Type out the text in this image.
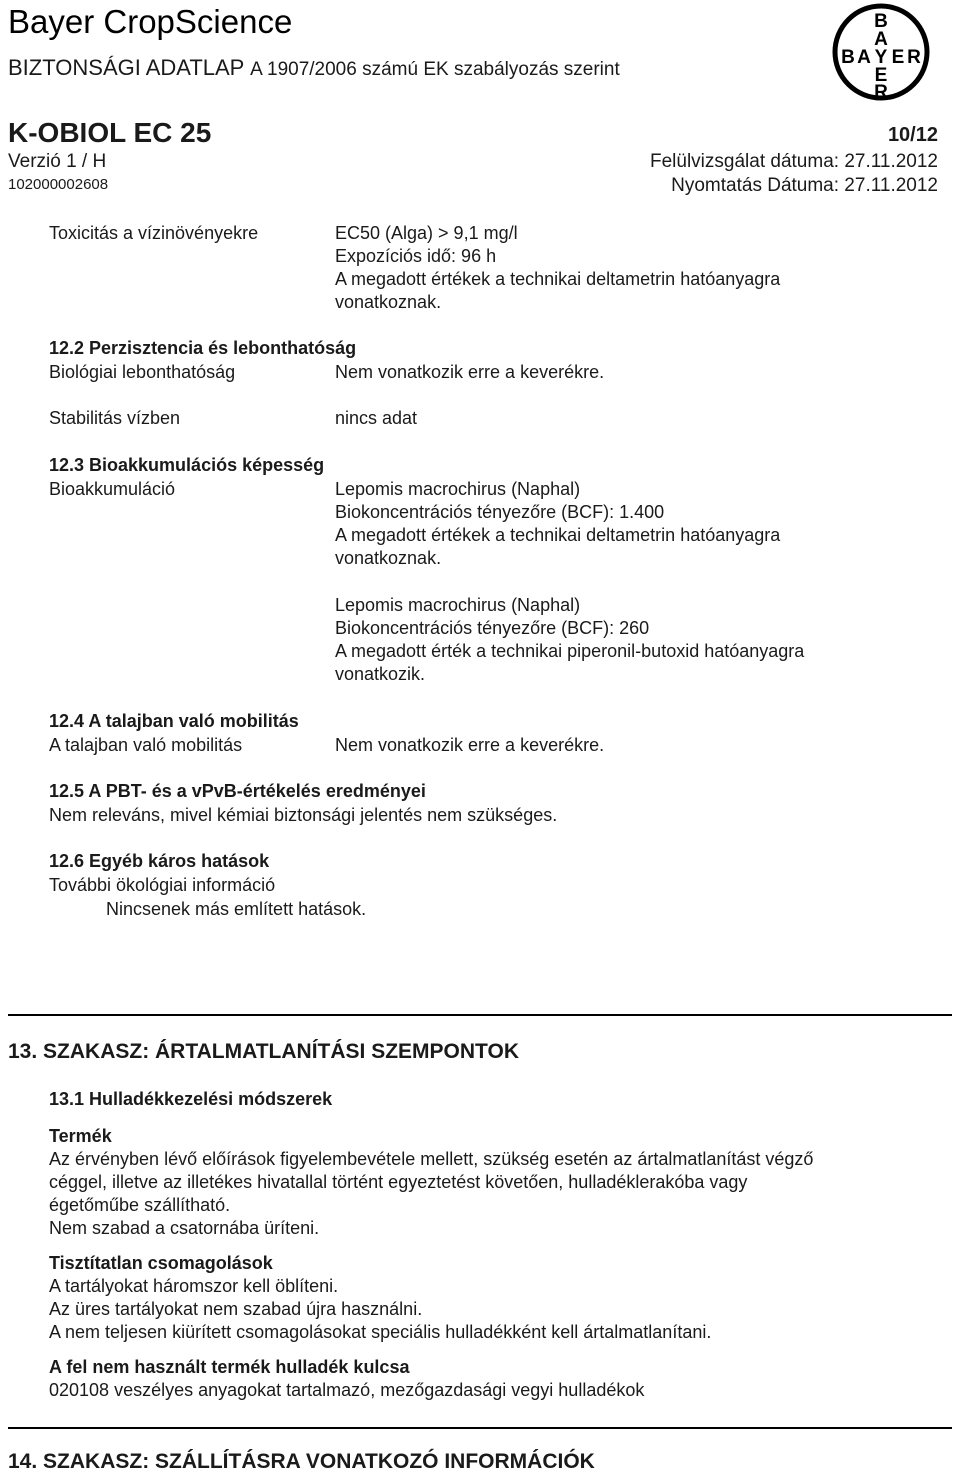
Bayer CropScience
BIZTONSÁGI ADATLAP A 1907/2006 számú EK szabályozás szerint
B
A
B A Y E R
E
R
K-OBIOL EC 25	10/12
Verzió 1 / H	Felülvizsgálat dátuma: 27.11.2012
102000002608	Nyomtatás Dátuma: 27.11.2012
Toxicitás a vízinövényekre	EC50 (Alga) > 9,1 mg/l
Expozíciós idő: 96 h
A megadott értékek a technikai deltametrin hatóanyagra
vonatkoznak.
12.2 Perzisztencia és lebonthatóság
Biológiai lebonthatóság	Nem vonatkozik erre a keverékre.
Stabilitás vízben	nincs adat
12.3 Bioakkumulációs képesség
Bioakkumuláció	Lepomis macrochirus (Naphal)
Biokoncentrációs tényezőre (BCF): 1.400
A megadott értékek a technikai deltametrin hatóanyagra
vonatkoznak.
Lepomis macrochirus (Naphal)
Biokoncentrációs tényezőre (BCF): 260
A megadott érték a technikai piperonil-butoxid hatóanyagra
vonatkozik.
12.4 A talajban való mobilitás
A talajban való mobilitás	Nem vonatkozik erre a keverékre.
12.5 A PBT- és a vPvB-értékelés eredményei
Nem releváns, mivel kémiai biztonsági jelentés nem szükséges.
12.6 Egyéb káros hatások
További ökológiai információ
Nincsenek más említett hatások.
13. SZAKASZ: ÁRTALMATLANÍTÁSI SZEMPONTOK
13.1 Hulladékkezelési módszerek
Termék
Az érvényben lévő előírások figyelembevétele mellett, szükség esetén az ártalmatlanítást végző
céggel, illetve az illetékes hivatallal történt egyeztetést követően, hulladéklerakóba vagy
égetőműbe szállítható.
Nem szabad a csatornába üríteni.
Tisztítatlan csomagolások
A tartályokat háromszor kell öblíteni.
Az üres tartályokat nem szabad újra használni.
A nem teljesen kiürített csomagolásokat speciális hulladékként kell ártalmatlanítani.
A fel nem használt termék hulladék kulcsa
020108 veszélyes anyagokat tartalmazó, mezőgazdasági vegyi hulladékok
14. SZAKASZ: SZÁLLÍTÁSRA VONATKOZÓ INFORMÁCIÓK
